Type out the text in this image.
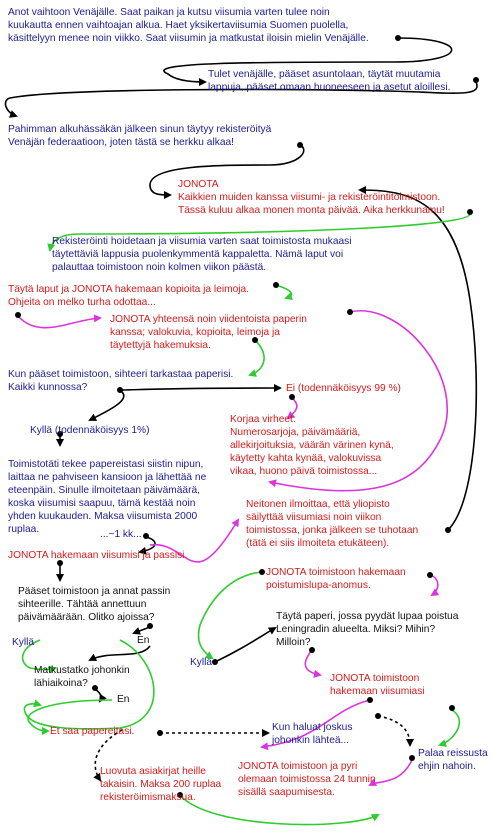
Anot vaihtoon Venäjälle. Saat paikan ja kutsu viisumia varten tulee noin
kuukautta ennen vaihtoajan alkua. Haet yksikertaviisumia Suomen puolella,
käsittelyyn menee noin viikko. Saat viisumin ja matkustat iloisin mielin Venäjälle.
Tulet venäjälle, pääset asuntolaan, täytät muutamia
lappuja, pääset omaan huoneeseen ja asetut aloillesi.
Pahimman alkuhässäkän jälkeen sinun täytyy rekisteröityä
Venäjän federaatioon, joten tästä se herkku alkaa!
JONOTA
Kaikkien muiden kanssa viisumi- ja rekisteröintitoimistoon.
Tässä kuluu alkaa monen monta päivää. Aika herkkunamu!
Rekisteröinti hoidetaan ja viisumia varten saat toimistosta mukaasi
täytettäviä lappusia puolenkymmentä kappaletta. Nämä laput voi
palauttaa toimistoon noin kolmen viikon päästä.
Täytä laput ja JONOTA hakemaan kopioita ja leimoja.
Ohjeita on melko turha odottaa...
JONOTA yhteensä noin viidentoista paperin
kanssa; valokuvia, kopioita, leimoja ja
täytettyjä hakemuksia.
Kun pääset toimistoon, sihteeri tarkastaa paperisi.
Kaikki kunnossa?	Ei (todennäköisyys 99 %)
Korjaa virheet:
Numerosarjoja, päivämääriä,
allekirjoituksia, väärän värinen kynä,
käytetty kahta kynää, valokuvissa
vikaa, huono päivä toimistossa...
Kyllä (todennäköisyys 1%)
Toimistotäti tekee papereistasi siistin nipun,
laittaa ne pahviseen kansioon ja lähettää ne
eteenpäin. Sinulle ilmoitetaan päivämäärä,
koska viisumisi saapuu, tämä kestää noin
yhden kuukauden. Maksa viisumista 2000
ruplaa.	...~1 kk...
JONOTA hakemaan viisumisi ja passisi.
Neitonen ilmoittaa, että yliopisto
säilyttää viisumiasi noin viikon
toimistossa, jonka jälkeen se tuhotaan
(tätä ei siis ilmoiteta etukäteen).
Pääset toimistoon ja annat passin
sihteerille. Tähtää annettuun
päivämäärään. Olitko ajoissa?
Kyllä	En
JONOTA toimistoon hakemaan
poistumislupa-anomus.
Täytä paperi, jossa pyydät lupaa poistua
Leningradin alueelta. Miksi? Mihin?
Milloin?
Matkustatko johonkin
lähiaikoina?
Kyllä
En
JONOTA toimistoon
hakemaan viisumiasi
Et saa papereitasi.	Kun haluat joskus
johonkin lähteä...
Palaa reissusta
ehjin nahoin.
Luovuta asiakirjat heille
takaisin. Maksa 200 ruplaa
rekisteröimismaksua.
JONOTA toimistoon ja pyri
olemaan toimistossa 24 tunnin
sisällä saapumisesta.
